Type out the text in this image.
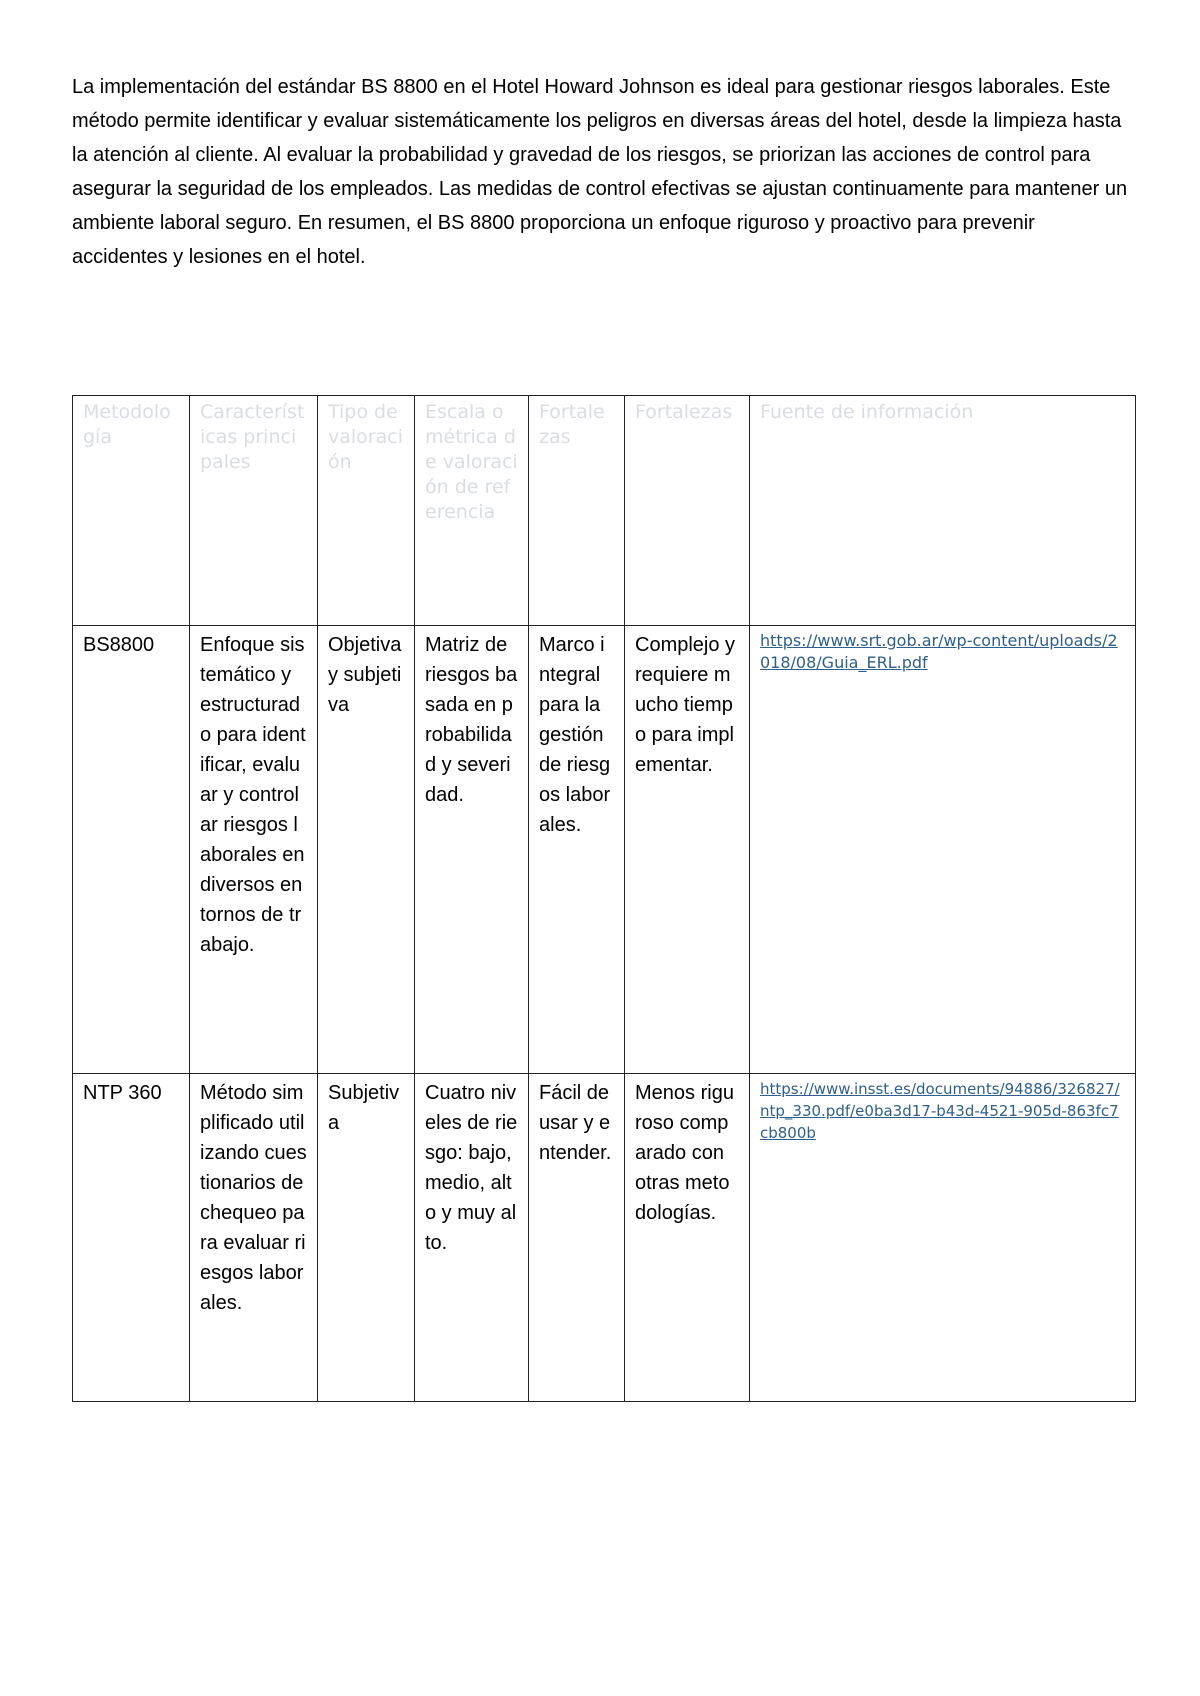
La implementación del estándar BS 8800 en el Hotel Howard Johnson es ideal para gestionar riesgos laborales. Este método permite identificar y evaluar sistemáticamente los peligros en diversas áreas del hotel, desde la limpieza hasta la atención al cliente. Al evaluar la probabilidad y gravedad de los riesgos, se priorizan las acciones de control para asegurar la seguridad de los empleados. Las medidas de control efectivas se ajustan continuamente para mantener un ambiente laboral seguro. En resumen, el BS 8800 proporciona un enfoque riguroso y proactivo para prevenir accidentes y lesiones en el hotel.

Metodología	Características principales	Tipo de valoración	Escala o métrica de valoración de referencia	Fortalezas	Fortalezas	Fuente de información
BS8800	Enfoque sistemático y estructurado para identificar, evaluar y controlar riesgos laborales en diversos entornos de trabajo.	Objetiva y subjetiva	Matriz de riesgos basada en probabilidad y severidad.	Marco integral para la gestión de riesgos laborales.	Complejo y requiere mucho tiempo para implementar.	https://www.srt.gob.ar/wp-content/uploads/2018/08/Guia_ERL.pdf
NTP 360	Método simplificado utilizando cuestionarios de chequeo para evaluar riesgos laborales.	Subjetiva	Cuatro niveles de riesgo: bajo, medio, alto y muy alto.	Fácil de usar y entender.	Menos riguroso comparado con otras metodologías.	https://www.insst.es/documents/94886/326827/ntp_330.pdf/e0ba3d17-b43d-4521-905d-863fc7cb800b
